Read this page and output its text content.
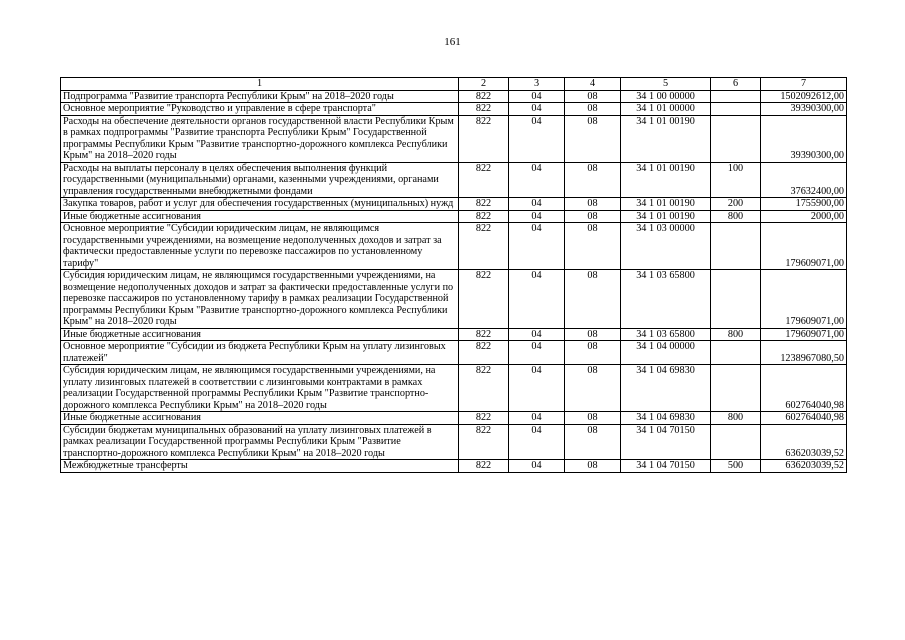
161
1	2	3	4	5	6	7
Подпрограмма "Развитие транспорта Республики Крым" на 2018–2020 годы	822	04	08	34 1 00 00000		1502092612,00
Основное мероприятие "Руководство и управление в сфере транспорта"	822	04	08	34 1 01 00000		39390300,00
Расходы на обеспечение деятельности органов государственной власти Республики Крым в рамках подпрограммы "Развитие транспорта Республики Крым" Государственной программы Республики Крым "Развитие транспортно-дорожного комплекса Республики Крым" на 2018–2020 годы	822	04	08	34 1 01 00190		39390300,00
Расходы на выплаты персоналу в целях обеспечения выполнения функций государственными (муниципальными) органами, казенными учреждениями, органами управления государственными внебюджетными фондами	822	04	08	34 1 01 00190	100	37632400,00
Закупка товаров, работ и услуг для обеспечения государственных (муниципальных) нужд	822	04	08	34 1 01 00190	200	1755900,00
Иные бюджетные ассигнования	822	04	08	34 1 01 00190	800	2000,00
Основное мероприятие "Субсидии юридическим лицам, не являющимся государственными учреждениями, на возмещение недополученных доходов и затрат за фактически предоставленные услуги по перевозке пассажиров по установленному тарифу"	822	04	08	34 1 03 00000		179609071,00
Субсидия юридическим лицам, не являющимся государственными учреждениями, на возмещение недополученных доходов и затрат за фактически предоставленные услуги по перевозке пассажиров по установленному тарифу в рамках реализации Государственной программы Республики Крым "Развитие транспортно-дорожного комплекса Республики Крым" на 2018–2020 годы	822	04	08	34 1 03 65800		179609071,00
Иные бюджетные ассигнования	822	04	08	34 1 03 65800	800	179609071,00
Основное мероприятие "Субсидии из бюджета Республики Крым на уплату лизинговых платежей"	822	04	08	34 1 04 00000		1238967080,50
Субсидия юридическим лицам, не являющимся государственными учреждениями, на уплату лизинговых платежей в соответствии с лизинговыми контрактами в рамках реализации Государственной программы Республики Крым "Развитие транспортно-дорожного комплекса Республики Крым" на 2018–2020 годы	822	04	08	34 1 04 69830		602764040,98
Иные бюджетные ассигнования	822	04	08	34 1 04 69830	800	602764040,98
Субсидии бюджетам муниципальных образований на уплату лизинговых платежей в рамках реализации Государственной программы Республики Крым "Развитие транспортно-дорожного комплекса Республики Крым" на 2018–2020 годы	822	04	08	34 1 04 70150		636203039,52
Межбюджетные трансферты	822	04	08	34 1 04 70150	500	636203039,52
